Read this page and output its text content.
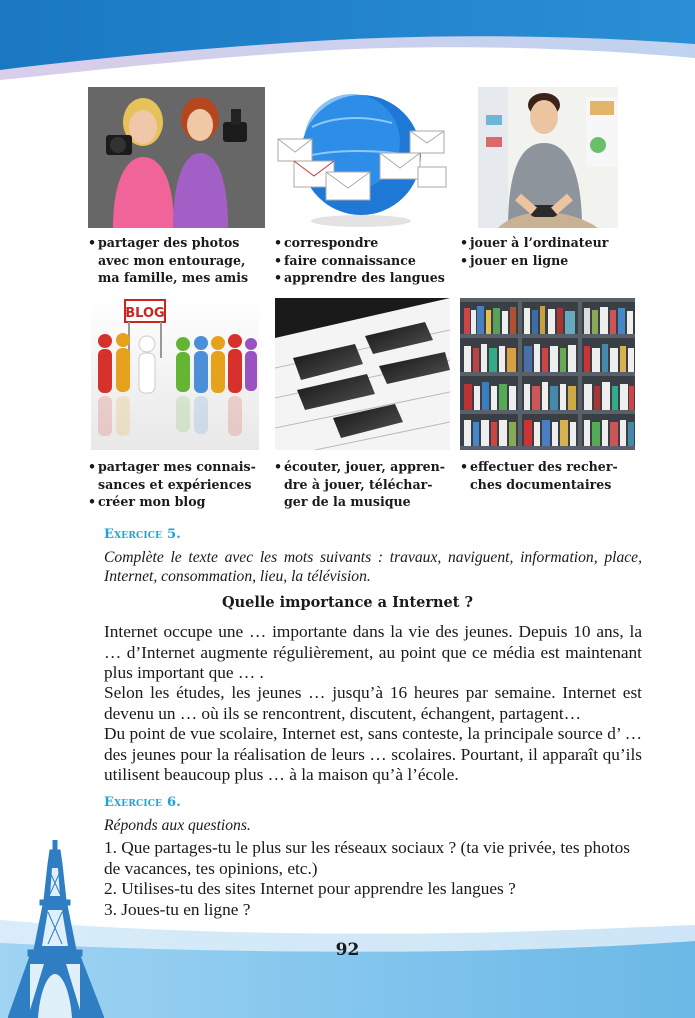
BLOG
• partager des photos avec mon entourage, ma famille, mes amis
• correspondre
• faire connaissance
• apprendre des langues
• jouer à l’ordinateur
• jouer en ligne
• partager mes connais-sances et expériences
• créer mon blog
• écouter, jouer, appren-dre à jouer, téléchar-ger de la musique
• effectuer des recher-ches documentaires
Exercice 5.

Complète le texte avec les mots suivants : travaux, naviguent, information, place, Internet, consommation, lieu, la télévision.

Quelle importance a Internet ?

Internet occupe une … importante dans la vie des jeunes. Depuis 10 ans, la … d’Internet augmente régulièrement, au point que ce média est maintenant plus important que … .

Selon les études, les jeunes … jusqu’à 16 heures par semaine. Internet est devenu un … où ils se rencontrent, discutent, échangent, partagent…

Du point de vue scolaire, Internet est, sans conteste, la principale source d’ … des jeunes pour la réalisation de leurs … scolaires. Pourtant, il apparaît qu’ils utilisent beaucoup plus … à la maison qu’à l’école.

Exercice 6.

Réponds aux questions.

1. Que partages-tu le plus sur les réseaux sociaux ? (ta vie privée, tes photos de vacances, tes opinions, etc.)
2. Utilises-tu des sites Internet pour apprendre les langues ?
3. Joues-tu en ligne ?
92
